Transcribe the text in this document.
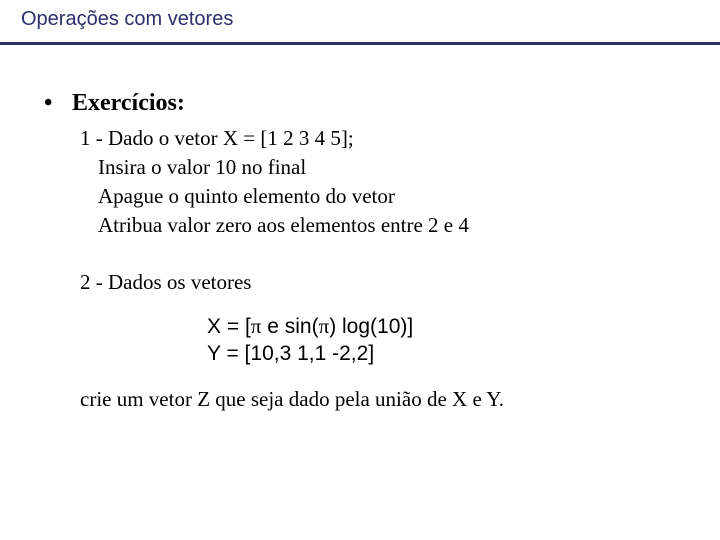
Operações com vetores
• Exercícios:
1 - Dado o vetor X = [1 2 3 4 5];
Insira o valor 10 no final
Apague o quinto elemento do vetor
Atribua valor zero aos elementos entre 2 e 4
2 - Dados os vetores
X = [π e sin(π) log(10)]
Y = [10,3 1,1 -2,2]
crie um vetor Z que seja dado pela união de X e Y.
